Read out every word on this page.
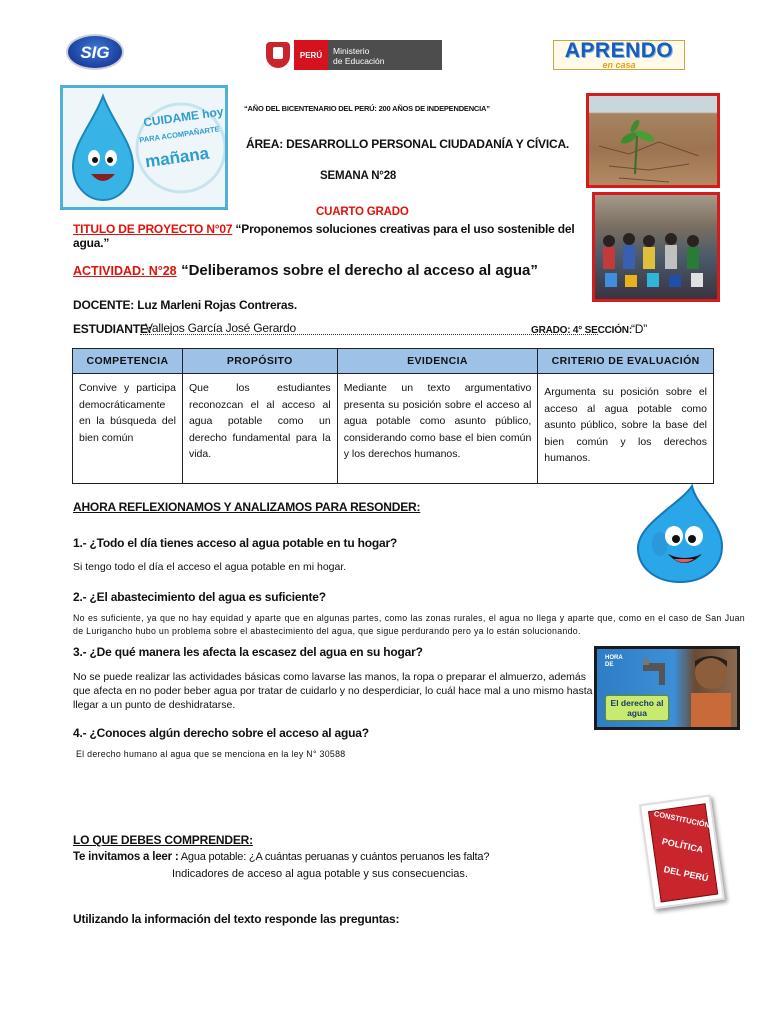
SIG	PERÚ	Ministerio
de Educación	APRENDO
en casa
CUIDAME hoy
PARA ACOMPAÑARTE
mañana
“AÑO DEL BICENTENARIO DEL PERÚ: 200 AÑOS DE INDEPENDENCIA”
ÁREA: DESARROLLO PERSONAL CIUDADANÍA Y CÍVICA.
SEMANA N°28
CUARTO GRADO
TITULO DE PROYECTO N°07 “Proponemos soluciones creativas para el uso sostenible del agua.”
ACTIVIDAD: N°28 “Deliberamos sobre el derecho al acceso al agua”
DOCENTE: Luz Marleni Rojas Contreras.
ESTUDIANTE:
Vallejos García José Gerardo	GRADO: 4° SECCIÓN: “D”
COMPETENCIA	PROPÓSITO	EVIDENCIA	CRITERIO DE EVALUACIÓN
Convive y participa democráticamente en la búsqueda del bien común	Que los estudiantes reconozcan el al acceso al agua potable como un derecho fundamental para la vida.	Mediante un texto argumentativo presenta su posición sobre el acceso al agua potable como asunto público, considerando como base el bien común y los derechos humanos.	Argumenta su posición sobre el acceso al agua potable como asunto público, sobre la base del bien común y los derechos humanos.
AHORA REFLEXIONAMOS Y ANALIZAMOS PARA RESONDER:
1.- ¿Todo el día tienes acceso al agua potable en tu hogar?
Si tengo todo el día el acceso el agua potable en mi hogar.
2.- ¿El abastecimiento del agua es suficiente?
No es suficiente, ya que no hay equidad y aparte que en algunas partes, como las zonas rurales, el agua no llega y aparte que, como en el caso de San Juan de Lurigancho hubo un problema sobre el abastecimiento del agua, que sigue perdurando pero ya lo están solucionando.
3.- ¿De qué manera les afecta la escasez del agua en su hogar?
No se puede realizar las actividades básicas como lavarse las manos, la ropa o preparar el almuerzo, además que afecta en no poder beber agua por tratar de cuidarlo y no desperdiciar, lo cuál hace mal a uno mismo hasta llegar a un punto de deshidratarse.
HORA
DE
El derecho al agua
4.- ¿Conoces algún derecho sobre el acceso al agua?
El derecho humano al agua que se menciona en la ley N° 30588
CONSTITUCIÓN
POLÍTICA
DEL PERÚ
LO QUE DEBES COMPRENDER:
Te invitamos a leer : Agua potable: ¿A cuántas peruanas y cuántos peruanos les falta?
Indicadores de acceso al agua potable y sus consecuencias.
Utilizando la información del texto responde las preguntas:
